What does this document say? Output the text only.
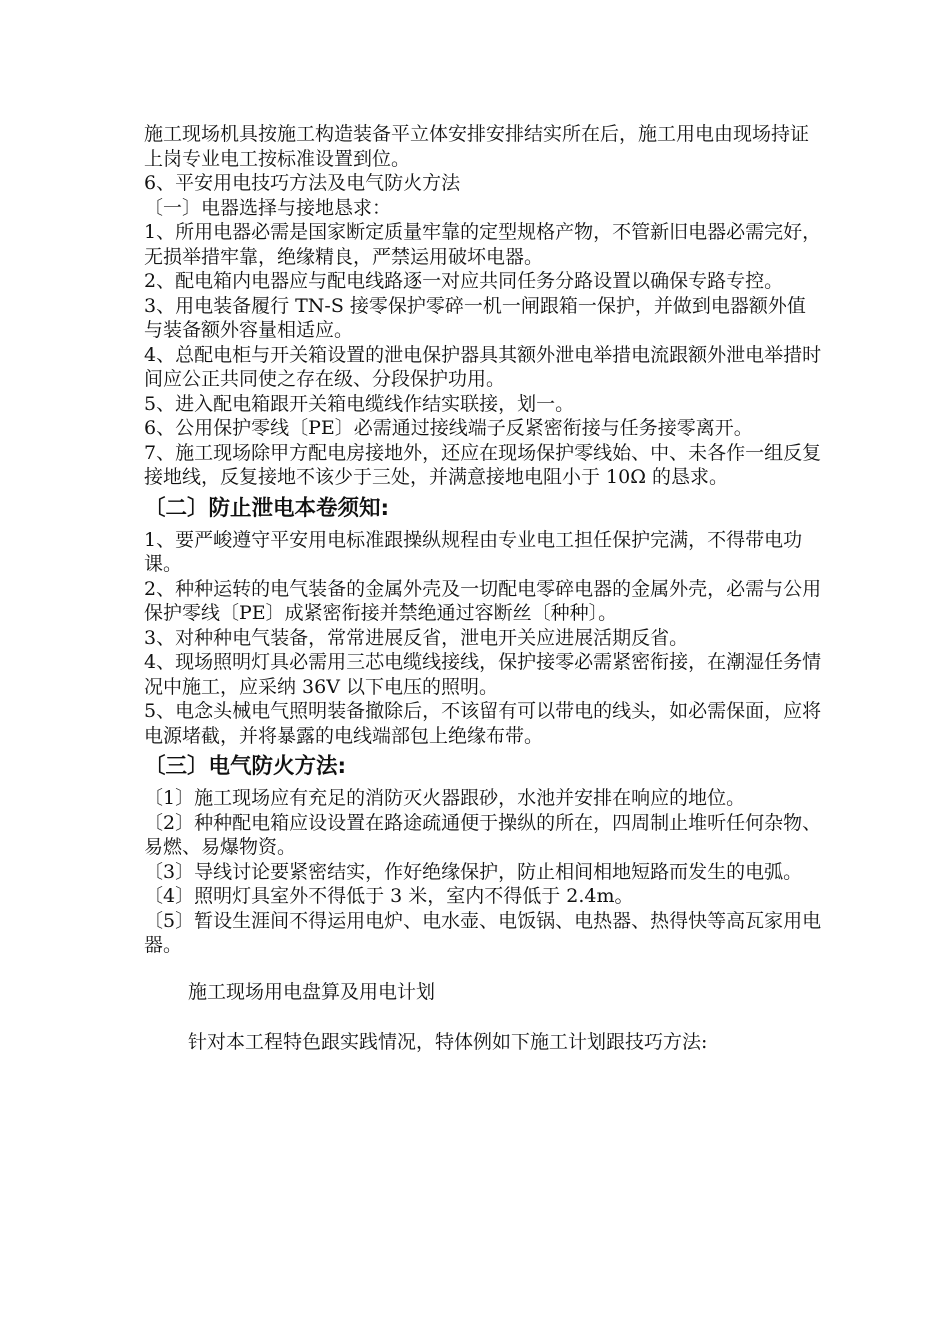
施工现场机具按施工构造装备平立体安排安排结实所在后，施工用电由现场持证上岗专业电工按标准设置到位。

6、平安用电技巧方法及电气防火方法

〔一〕电器选择与接地恳求：

1、所用电器必需是国家断定质量牢靠的定型规格产物，不管新旧电器必需完好，无损举措牢靠，绝缘精良，严禁运用破坏电器。

2、配电箱内电器应与配电线路逐一对应共同任务分路设置以确保专路专控。

3、用电装备履行 TN-S 接零保护零碎一机一闸跟箱一保护，并做到电器额外值与装备额外容量相适应。

4、总配电柜与开关箱设置的泄电保护器具其额外泄电举措电流跟额外泄电举措时间应公正共同使之存在级、分段保护功用。

5、进入配电箱跟开关箱电缆线作结实联接，划一。

6、公用保护零线〔PE〕必需通过接线端子反紧密衔接与任务接零离开。

7、施工现场除甲方配电房接地外，还应在现场保护零线始、中、未各作一组反复接地线，反复接地不该少于三处，并满意接地电阻小于 10Ω 的恳求。

〔二〕防止泄电本卷须知:

1、要严峻遵守平安用电标准跟操纵规程由专业电工担任保护完满，不得带电功课。

2、种种运转的电气装备的金属外壳及一切配电零碎电器的金属外壳，必需与公用保护零线〔PE〕成紧密衔接并禁绝通过容断丝〔种种〕。

3、对种种电气装备，常常进展反省，泄电开关应进展活期反省。

4、现场照明灯具必需用三芯电缆线接线，保护接零必需紧密衔接，在潮湿任务情况中施工，应采纳 36V 以下电压的照明。

5、电念头械电气照明装备撤除后，不该留有可以带电的线头，如必需保面，应将电源堵截，并将暴露的电线端部包上绝缘布带。

〔三〕电气防火方法:

〔1〕施工现场应有充足的消防灭火器跟砂，水池并安排在响应的地位。

〔2〕种种配电箱应设设置在路途疏通便于操纵的所在，四周制止堆听任何杂物、易燃、易爆物资。

〔3〕导线讨论要紧密结实，作好绝缘保护，防止相间相地短路而发生的电弧。

〔4〕照明灯具室外不得低于 3 米，室内不得低于 2.4m。

〔5〕暂设生涯间不得运用电炉、电水壶、电饭锅、电热器、热得快等高瓦家用电器。

施工现场用电盘算及用电计划

针对本工程特色跟实践情况，特体例如下施工计划跟技巧方法:
